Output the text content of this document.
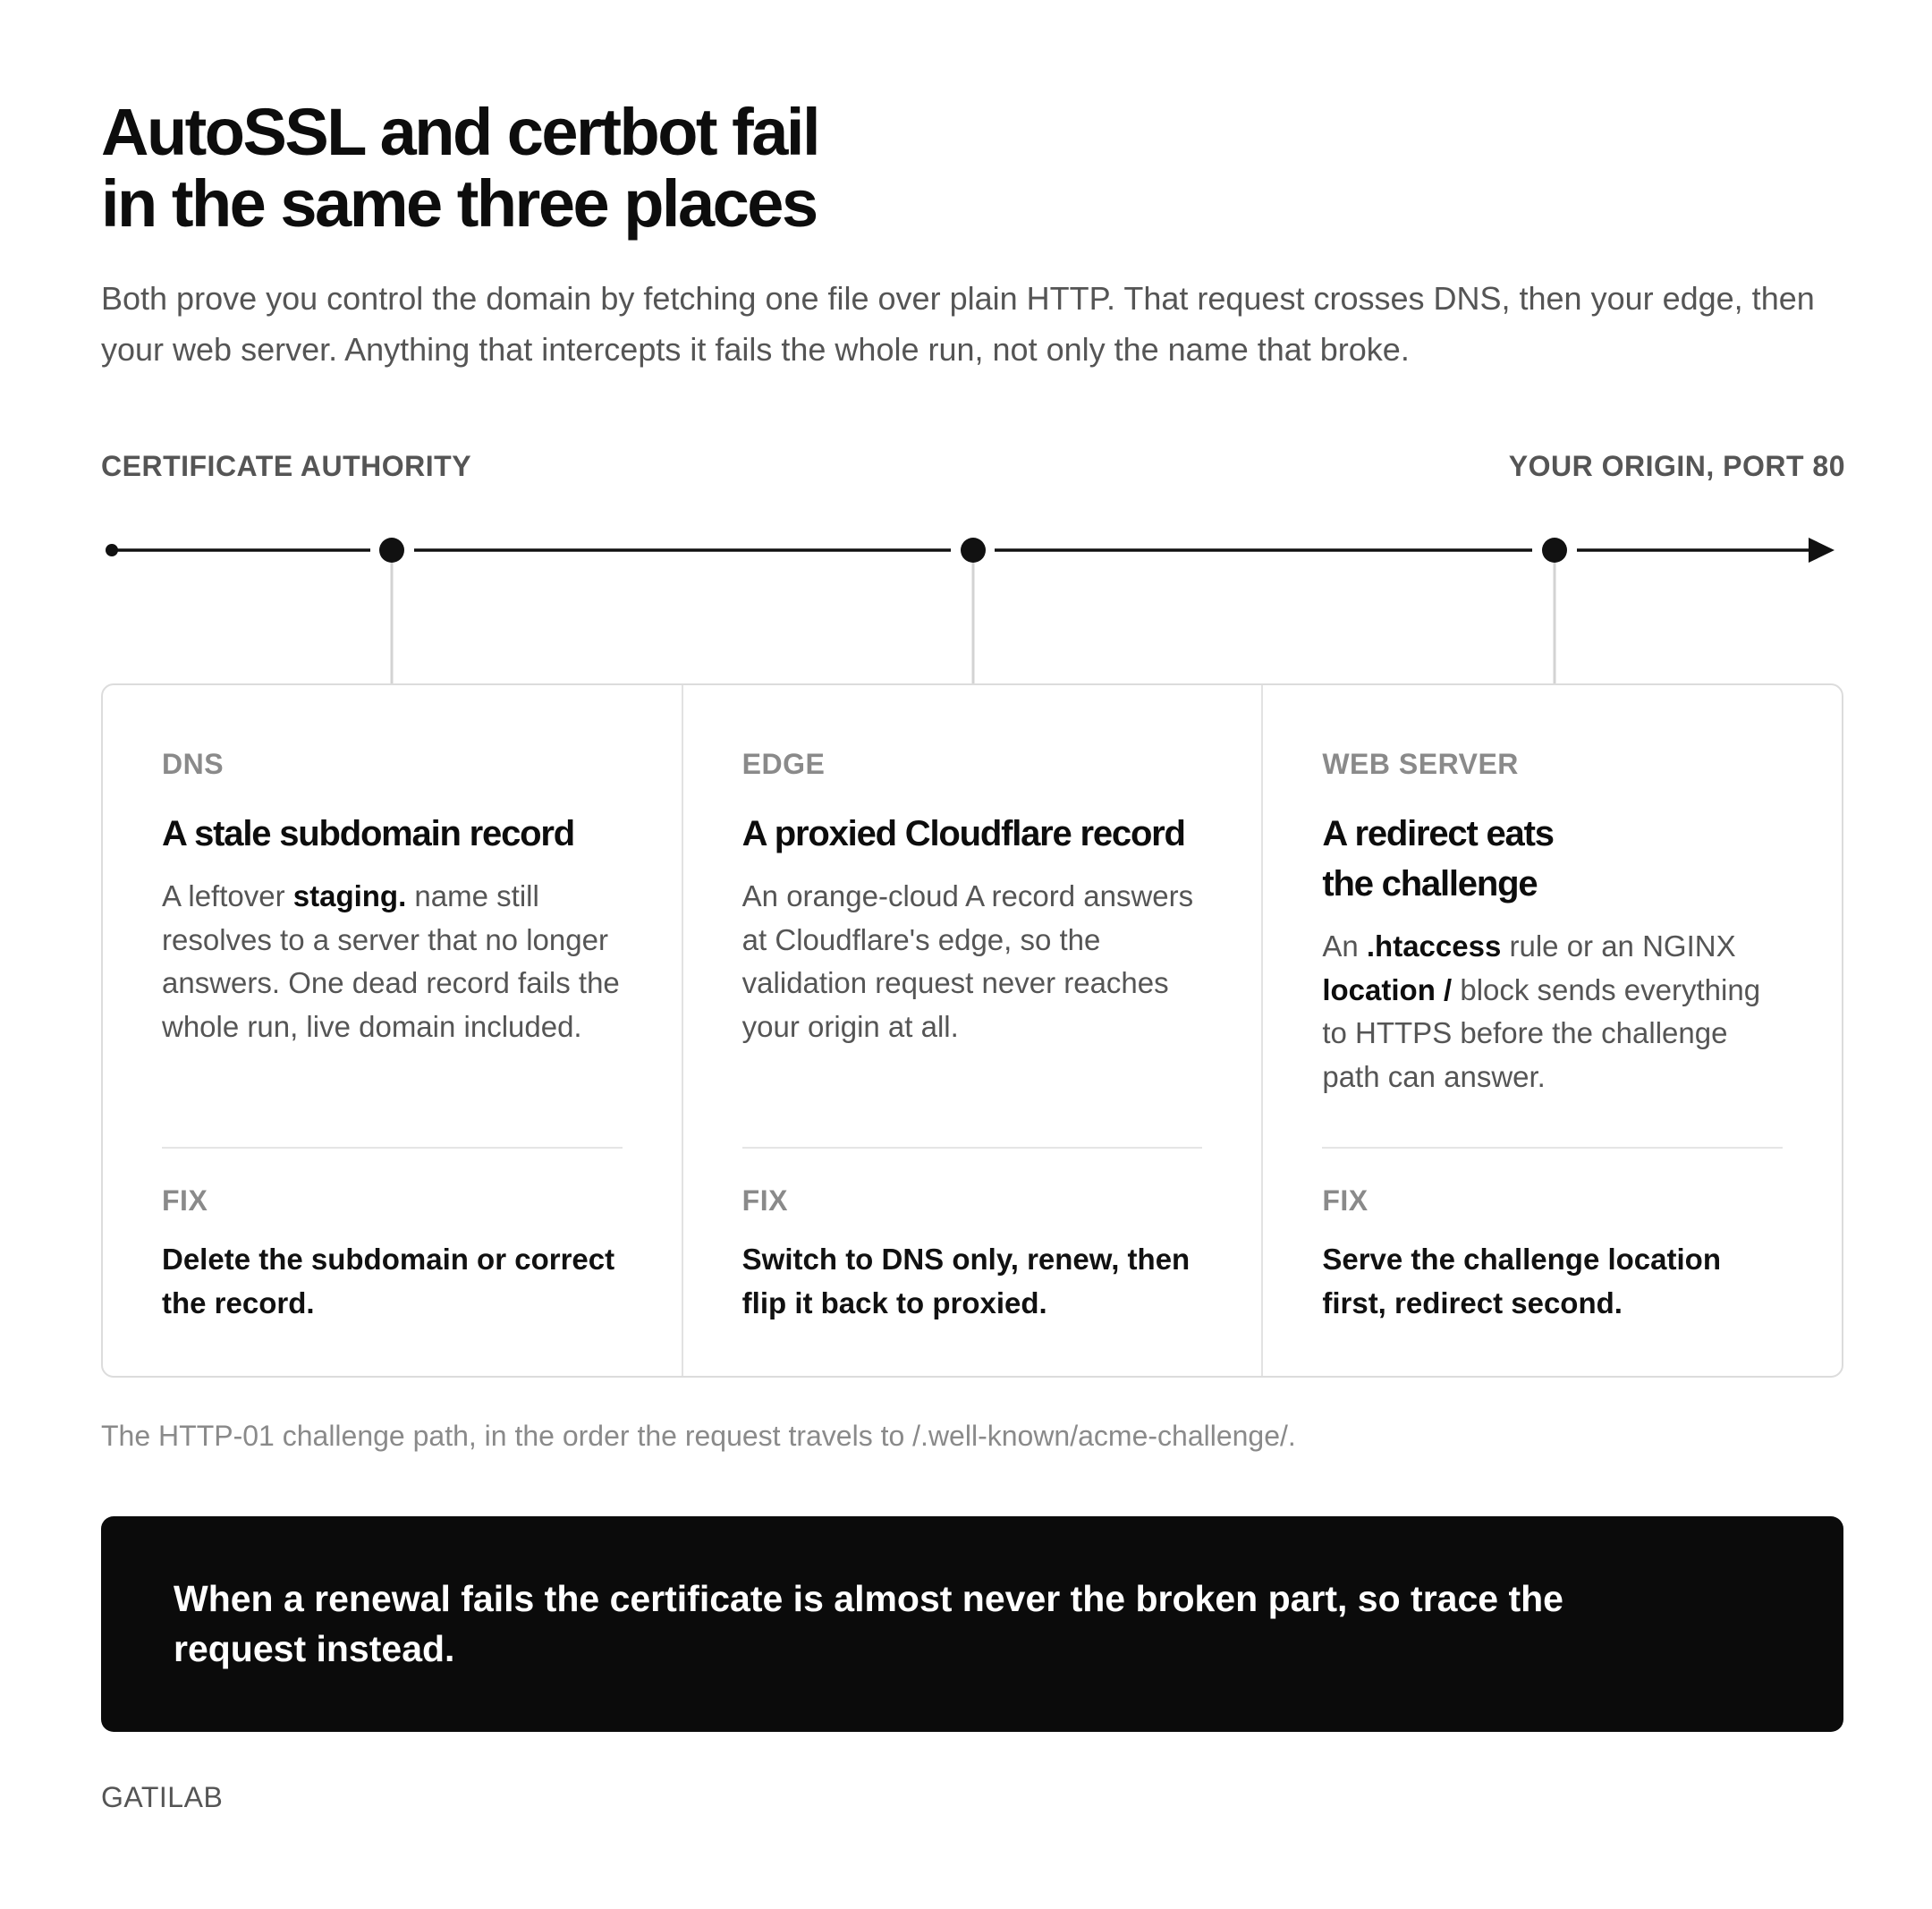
AutoSSL and certbot fail
in the same three places

Both prove you control the domain by fetching one file over plain HTTP. That request crosses DNS, then your edge, then your web server. Anything that intercepts it fails the whole run, not only the name that broke.

CERTIFICATE AUTHORITY	YOUR ORIGIN, PORT 80
DNS
A stale subdomain record

A leftover staging. name still resolves to a server that no longer answers. One dead record fails the whole run, live domain included.

FIX

Delete the subdomain or correct the record.

EDGE
A proxied Cloudflare record

An orange-cloud A record answers at Cloudflare's edge, so the validation request never reaches your origin at all.

FIX

Switch to DNS only, renew, then flip it back to proxied.

WEB SERVER
A redirect eats the challenge

An .htaccess rule or an NGINX location / block sends everything to HTTPS before the challenge path can answer.

FIX

Serve the challenge location first, redirect second.

The HTTP-01 challenge path, in the order the request travels to /.well-known/acme-challenge/.

When a renewal fails the certificate is almost never the broken part, so trace the request instead.

GATILAB
